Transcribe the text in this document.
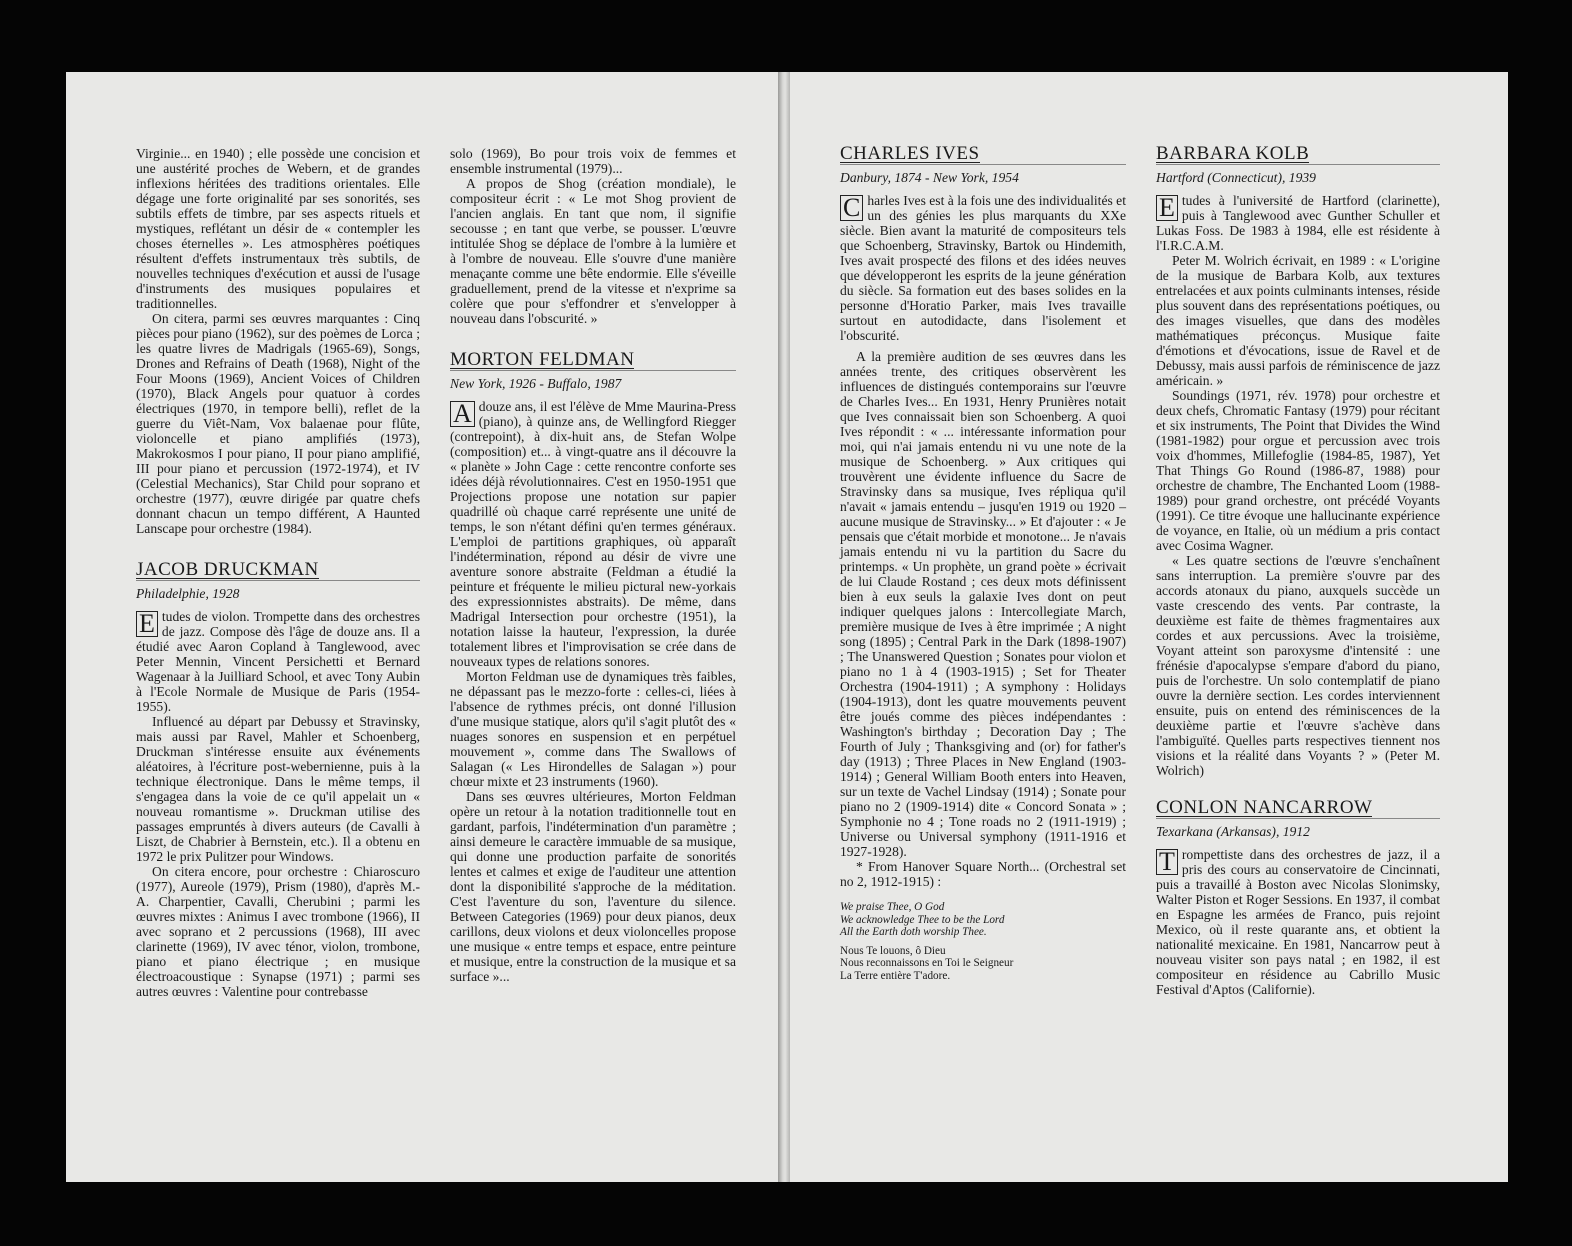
Virginie... en 1940) ; elle possède une concision et une austérité proches de Webern, et de grandes inflexions héritées des traditions orientales. Elle dégage une forte originalité par ses sonorités, ses subtils effets de timbre, par ses aspects rituels et mystiques, reflétant un désir de « contempler les choses éternelles ». Les atmosphères poétiques résultent d'effets instrumentaux très subtils, de nouvelles techniques d'exécution et aussi de l'usage d'instruments des musiques populaires et traditionnelles.

On citera, parmi ses œuvres marquantes : Cinq pièces pour piano (1962), sur des poèmes de Lorca ; les quatre livres de Madrigals (1965-69), Songs, Drones and Refrains of Death (1968), Night of the Four Moons (1969), Ancient Voices of Children (1970), Black Angels pour quatuor à cordes électriques (1970, in tempore belli), reflet de la guerre du Viêt-Nam, Vox balaenae pour flûte, violoncelle et piano amplifiés (1973), Makrokosmos I pour piano, II pour piano amplifié, III pour piano et percussion (1972-1974), et IV (Celestial Mechanics), Star Child pour soprano et orchestre (1977), œuvre dirigée par quatre chefs donnant chacun un tempo différent, A Haunted Lanscape pour orchestre (1984).

JACOB DRUCKMAN
Philadelphie, 1928

E tudes de violon. Trompette dans des orchestres de jazz. Compose dès l'âge de douze ans. Il a étudié avec Aaron Copland à Tanglewood, avec Peter Mennin, Vincent Persichetti et Bernard Wagenaar à la Juilliard School, et avec Tony Aubin à l'Ecole Normale de Musique de Paris (1954-1955).

Influencé au départ par Debussy et Stravinsky, mais aussi par Ravel, Mahler et Schoenberg, Druckman s'intéresse ensuite aux événements aléatoires, à l'écriture post-webernienne, puis à la technique électronique. Dans le même temps, il s'engagea dans la voie de ce qu'il appelait un « nouveau romantisme ». Druckman utilise des passages empruntés à divers auteurs (de Cavalli à Liszt, de Chabrier à Bernstein, etc.). Il a obtenu en 1972 le prix Pulitzer pour Windows.

On citera encore, pour orchestre : Chiaroscuro (1977), Aureole (1979), Prism (1980), d'après M.-A. Charpentier, Cavalli, Cherubini ; parmi les œuvres mixtes : Animus I avec trombone (1966), II avec soprano et 2 percussions (1968), III avec clarinette (1969), IV avec ténor, violon, trombone, piano et piano électrique ; en musique électroacoustique : Synapse (1971) ; parmi ses autres œuvres : Valentine pour contrebasse

solo (1969), Bo pour trois voix de femmes et ensemble instrumental (1979)...

A propos de Shog (création mondiale), le compositeur écrit : « Le mot Shog provient de l'ancien anglais. En tant que nom, il signifie secousse ; en tant que verbe, se pousser. L'œuvre intitulée Shog se déplace de l'ombre à la lumière et à l'ombre de nouveau. Elle s'ouvre d'une manière menaçante comme une bête endormie. Elle s'éveille graduellement, prend de la vitesse et n'exprime sa colère que pour s'effondrer et s'envelopper à nouveau dans l'obscurité. »

MORTON FELDMAN
New York, 1926 - Buffalo, 1987

A douze ans, il est l'élève de Mme Maurina-Press (piano), à quinze ans, de Wellingford Riegger (contrepoint), à dix-huit ans, de Stefan Wolpe (composition) et... à vingt-quatre ans il découvre la « planète » John Cage : cette rencontre conforte ses idées déjà révolutionnaires. C'est en 1950-1951 que Projections propose une notation sur papier quadrillé où chaque carré représente une unité de temps, le son n'étant défini qu'en termes généraux. L'emploi de partitions graphiques, où apparaît l'indétermination, répond au désir de vivre une aventure sonore abstraite (Feldman a étudié la peinture et fréquente le milieu pictural new-yorkais des expressionnistes abstraits). De même, dans Madrigal Intersection pour orchestre (1951), la notation laisse la hauteur, l'expression, la durée totalement libres et l'improvisation se crée dans de nouveaux types de relations sonores.

Morton Feldman use de dynamiques très faibles, ne dépassant pas le mezzo-forte : celles-ci, liées à l'absence de rythmes précis, ont donné l'illusion d'une musique statique, alors qu'il s'agit plutôt des « nuages sonores en suspension et en perpétuel mouvement », comme dans The Swallows of Salagan (« Les Hirondelles de Salagan ») pour chœur mixte et 23 instruments (1960).

Dans ses œuvres ultérieures, Morton Feldman opère un retour à la notation traditionnelle tout en gardant, parfois, l'indétermination d'un paramètre ; ainsi demeure le caractère immuable de sa musique, qui donne une production parfaite de sonorités lentes et calmes et exige de l'auditeur une attention dont la disponibilité s'approche de la méditation. C'est l'aventure du son, l'aventure du silence. Between Categories (1969) pour deux pianos, deux carillons, deux violons et deux violoncelles propose une musique « entre temps et espace, entre peinture et musique, entre la construction de la musique et sa surface »...

CHARLES IVES
Danbury, 1874 - New York, 1954

C harles Ives est à la fois une des individualités et un des génies les plus marquants du XXe siècle. Bien avant la maturité de compositeurs tels que Schoenberg, Stravinsky, Bartok ou Hindemith, Ives avait prospecté des filons et des idées neuves que développeront les esprits de la jeune génération du siècle. Sa formation eut des bases solides en la personne d'Horatio Parker, mais Ives travaille surtout en autodidacte, dans l'isolement et l'obscurité.

A la première audition de ses œuvres dans les années trente, des critiques observèrent les influences de distingués contemporains sur l'œuvre de Charles Ives... En 1931, Henry Prunières notait que Ives connaissait bien son Schoenberg. A quoi Ives répondit : « ... intéressante information pour moi, qui n'ai jamais entendu ni vu une note de la musique de Schoenberg. » Aux critiques qui trouvèrent une évidente influence du Sacre de Stravinsky dans sa musique, Ives répliqua qu'il n'avait « jamais entendu – jusqu'en 1919 ou 1920 – aucune musique de Stravinsky... » Et d'ajouter : « Je pensais que c'était morbide et monotone... Je n'avais jamais entendu ni vu la partition du Sacre du printemps. « Un prophète, un grand poète » écrivait de lui Claude Rostand ; ces deux mots définissent bien à eux seuls la galaxie Ives dont on peut indiquer quelques jalons : Intercollegiate March, première musique de Ives à être imprimée ; A night song (1895) ; Central Park in the Dark (1898-1907) ; The Unanswered Question ; Sonates pour violon et piano no 1 à 4 (1903-1915) ; Set for Theater Orchestra (1904-1911) ; A symphony : Holidays (1904-1913), dont les quatre mouvements peuvent être joués comme des pièces indépendantes : Washington's birthday ; Decoration Day ; The Fourth of July ; Thanksgiving and (or) for father's day (1913) ; Three Places in New England (1903-1914) ; General William Booth enters into Heaven, sur un texte de Vachel Lindsay (1914) ; Sonate pour piano no 2 (1909-1914) dite « Concord Sonata » ; Symphonie no 4 ; Tone roads no 2 (1911-1919) ; Universe ou Universal symphony (1911-1916 et 1927-1928).

* From Hanover Square North... (Orchestral set no 2, 1912-1915) :

We praise Thee, O God
We acknowledge Thee to be the Lord
All the Earth doth worship Thee.
Nous Te louons, ô Dieu
Nous reconnaissons en Toi le Seigneur
La Terre entière T'adore.
BARBARA KOLB
Hartford (Connecticut), 1939

E tudes à l'université de Hartford (clarinette), puis à Tanglewood avec Gunther Schuller et Lukas Foss. De 1983 à 1984, elle est résidente à l'I.R.C.A.M.

Peter M. Wolrich écrivait, en 1989 : « L'origine de la musique de Barbara Kolb, aux textures entrelacées et aux points culminants intenses, réside plus souvent dans des représentations poétiques, ou des images visuelles, que dans des modèles mathématiques préconçus. Musique faite d'émotions et d'évocations, issue de Ravel et de Debussy, mais aussi parfois de réminiscence de jazz américain. »

Soundings (1971, rév. 1978) pour orchestre et deux chefs, Chromatic Fantasy (1979) pour récitant et six instruments, The Point that Divides the Wind (1981-1982) pour orgue et percussion avec trois voix d'hommes, Millefoglie (1984-85, 1987), Yet That Things Go Round (1986-87, 1988) pour orchestre de chambre, The Enchanted Loom (1988-1989) pour grand orchestre, ont précédé Voyants (1991). Ce titre évoque une hallucinante expérience de voyance, en Italie, où un médium a pris contact avec Cosima Wagner.

« Les quatre sections de l'œuvre s'enchaînent sans interruption. La première s'ouvre par des accords atonaux du piano, auxquels succède un vaste crescendo des vents. Par contraste, la deuxième est faite de thèmes fragmentaires aux cordes et aux percussions. Avec la troisième, Voyant atteint son paroxysme d'intensité : une frénésie d'apocalypse s'empare d'abord du piano, puis de l'orchestre. Un solo contemplatif de piano ouvre la dernière section. Les cordes interviennent ensuite, puis on entend des réminiscences de la deuxième partie et l'œuvre s'achève dans l'ambiguïté. Quelles parts respectives tiennent nos visions et la réalité dans Voyants ? » (Peter M. Wolrich)

CONLON NANCARROW
Texarkana (Arkansas), 1912

T rompettiste dans des orchestres de jazz, il a pris des cours au conservatoire de Cincinnati, puis a travaillé à Boston avec Nicolas Slonimsky, Walter Piston et Roger Sessions. En 1937, il combat en Espagne les armées de Franco, puis rejoint Mexico, où il reste quarante ans, et obtient la nationalité mexicaine. En 1981, Nancarrow peut à nouveau visiter son pays natal ; en 1982, il est compositeur en résidence au Cabrillo Music Festival d'Aptos (Californie).
